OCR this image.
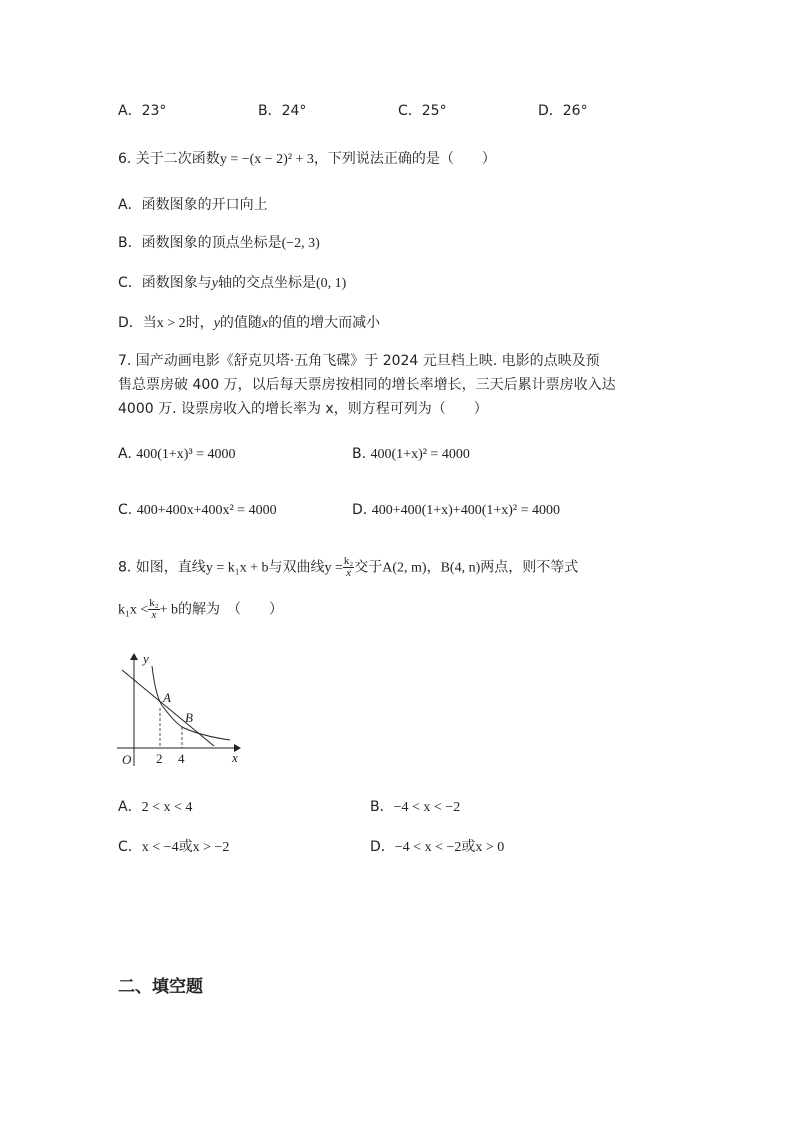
A．23°	B．24°	C．25°	D．26°
6. 关于二次函数y = −(x − 2)² + 3，下列说法正确的是（　　）
A．函数图象的开口向上
B．函数图象的顶点坐标是(−2, 3)
C．函数图象与y轴的交点坐标是(0, 1)
D．当x > 2时，y的值随x的值的增大而减小
7. 国产动画电影《舒克贝塔·五角飞碟》于 2024 元旦档上映. 电影的点映及预
售总票房破 400 万，以后每天票房按相同的增长率增长，三天后累计票房收入达
4000 万. 设票房收入的增长率为 x，则方程可列为（　　）
A. 400(1+x)³ = 4000	B. 400(1+x)² = 4000
C. 400+400x+400x² = 4000	D. 400+400(1+x)+400(1+x)² = 4000
8. 如图，直线y = k₁x + b与双曲线$y = \frac{\text{k₂}}{x}$ 交于A(2, m)，B(4, n)两点，则不等式
$k_1x < \frac{\text{k₂}}{x} + b$的解为　（　　）
y
x
O 2 4
A
B
A．2 < x < 4	B．−4 < x < −2
C．x < −4或x > −2	D．−4 < x < −2或x > 0
二、填空题
